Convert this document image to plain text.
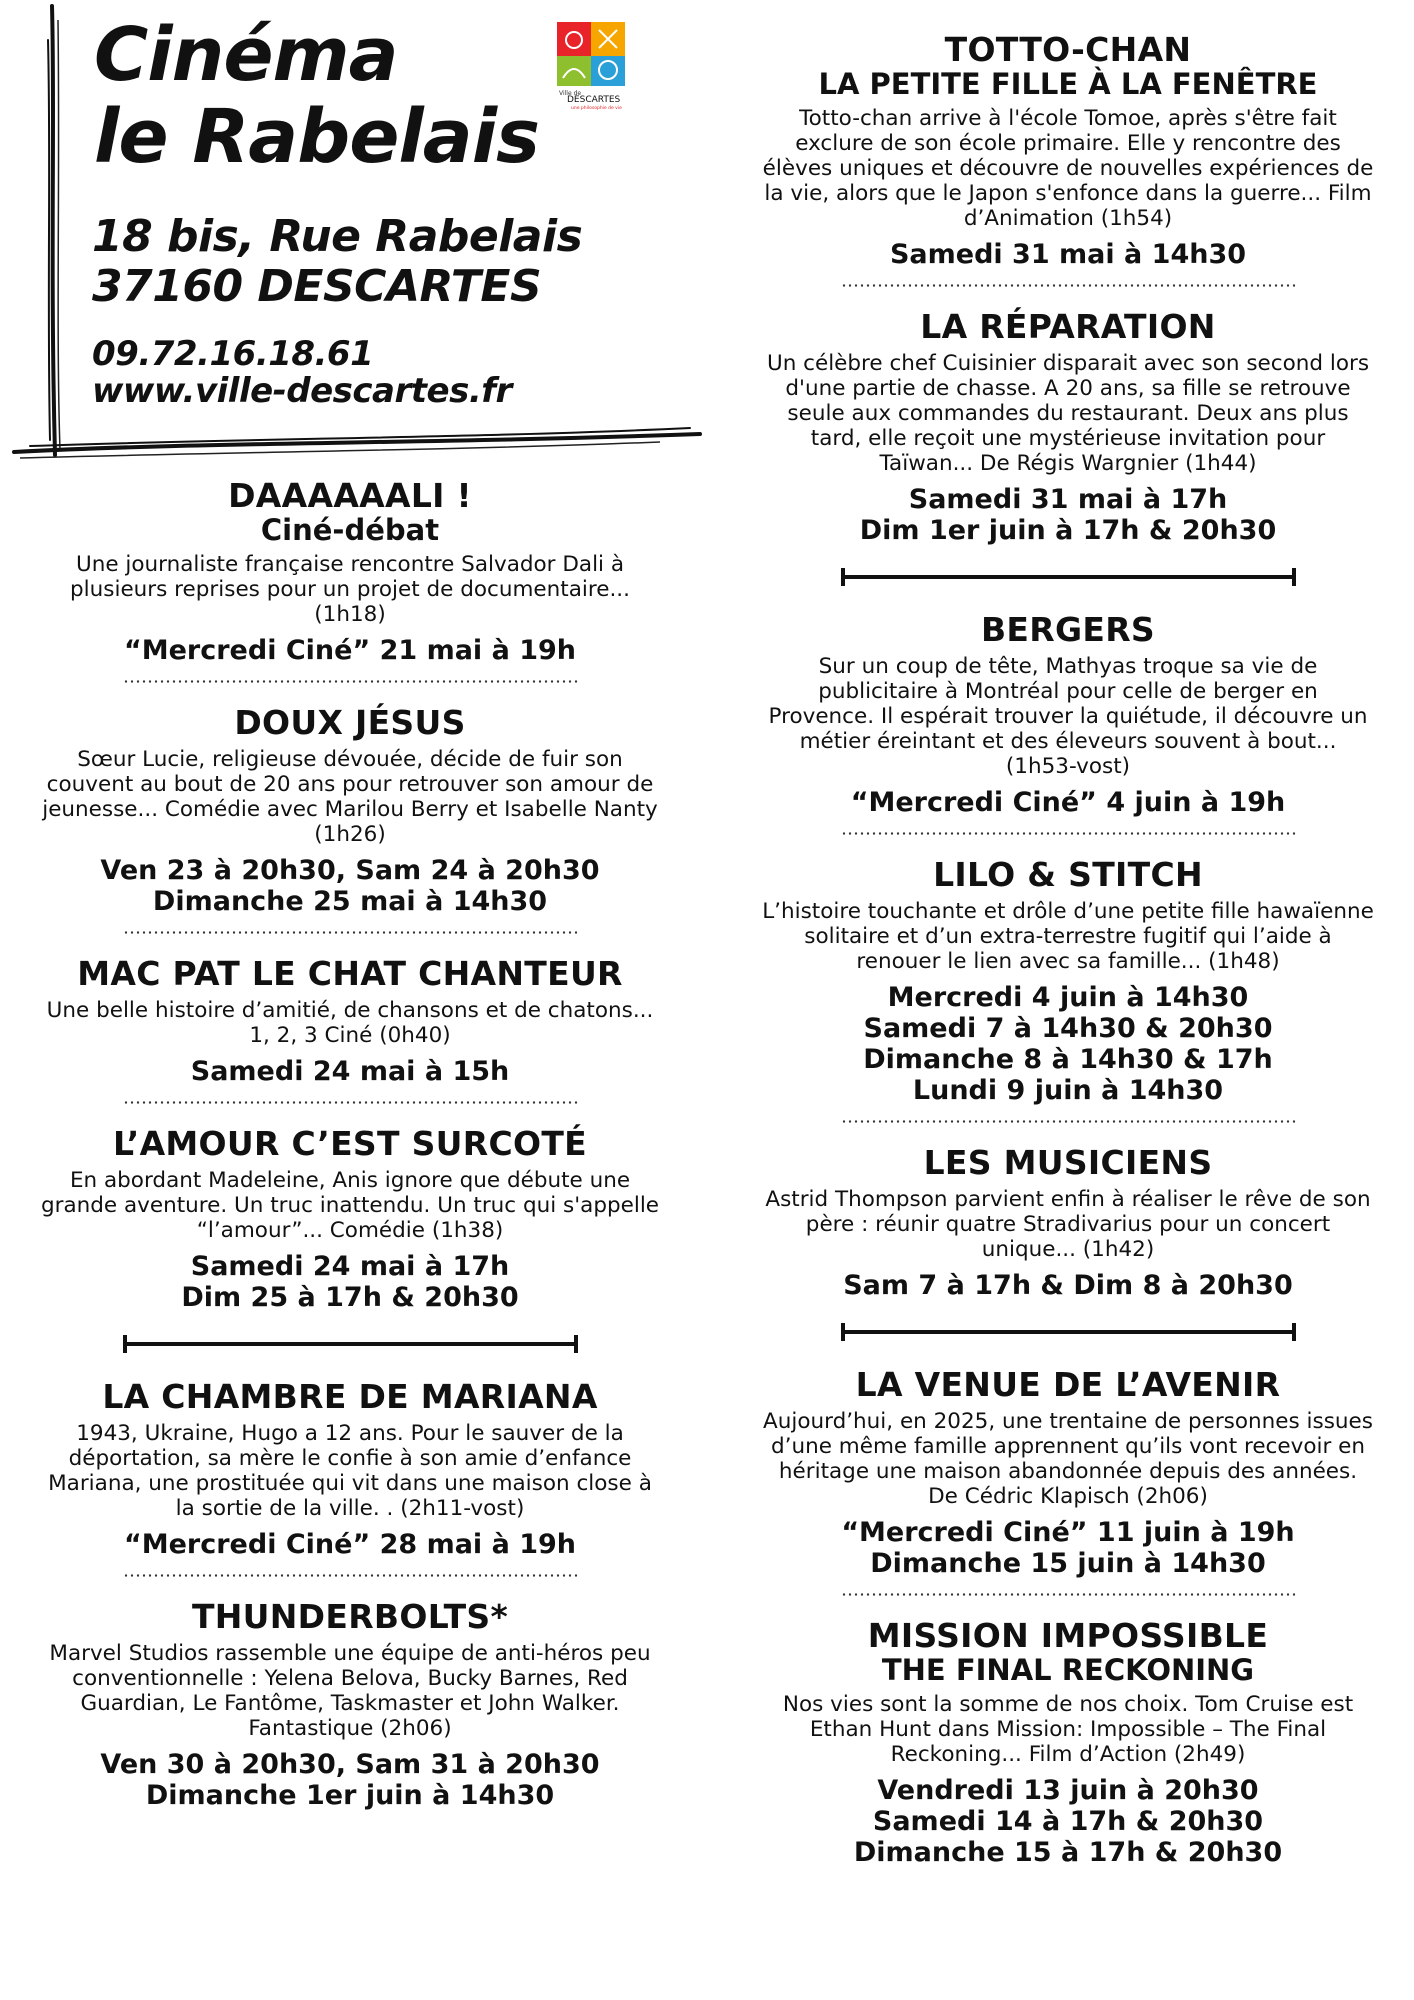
Cinéma
le Rabelais
18 bis, Rue Rabelais
37160 DESCARTES
09.72.16.18.61
www.ville-descartes.fr
Ville de
DESCARTES
une philosophie de vie
DAAAAAALI !
Ciné-débat
Une journaliste française rencontre Salvador Dali à plusieurs reprises pour un projet de documentaire... (1h18)
“Mercredi Ciné” 21 mai à 19h
DOUX JÉSUS
Sœur Lucie, religieuse dévouée, décide de fuir son couvent au bout de 20 ans pour retrouver son amour de jeunesse... Comédie avec Marilou Berry et Isabelle Nanty (1h26)
Ven 23 à 20h30, Sam 24 à 20h30
Dimanche 25 mai à 14h30
MAC PAT LE CHAT CHANTEUR
Une belle histoire d’amitié, de chansons et de chatons... 1, 2, 3 Ciné (0h40)
Samedi 24 mai à 15h
L’AMOUR C’EST SURCOTÉ
En abordant Madeleine, Anis ignore que débute une grande aventure. Un truc inattendu. Un truc qui s'appelle “l’amour”... Comédie (1h38)
Samedi 24 mai à 17h
Dim 25 à 17h & 20h30
LA CHAMBRE DE MARIANA
1943, Ukraine, Hugo a 12 ans. Pour le sauver de la déportation, sa mère le confie à son amie d’enfance Mariana, une prostituée qui vit dans une maison close à la sortie de la ville. . (2h11-vost)
“Mercredi Ciné” 28 mai à 19h
THUNDERBOLTS*
Marvel Studios rassemble une équipe de anti-héros peu conventionnelle : Yelena Belova, Bucky Barnes, Red Guardian, Le Fantôme, Taskmaster et John Walker. Fantastique (2h06)
Ven 30 à 20h30, Sam 31 à 20h30
Dimanche 1er juin à 14h30
TOTTO-CHAN
LA PETITE FILLE À LA FENÊTRE
Totto-chan arrive à l'école Tomoe, après s'être fait exclure de son école primaire. Elle y rencontre des élèves uniques et découvre de nouvelles expériences de la vie, alors que le Japon s'enfonce dans la guerre... Film d’Animation (1h54)
Samedi 31 mai à 14h30
LA RÉPARATION
Un célèbre chef Cuisinier disparait avec son second lors d'une partie de chasse. A 20 ans, sa fille se retrouve seule aux commandes du restaurant. Deux ans plus tard, elle reçoit une mystérieuse invitation pour Taïwan... De Régis Wargnier (1h44)
Samedi 31 mai à 17h
Dim 1er juin à 17h & 20h30
BERGERS
Sur un coup de tête, Mathyas troque sa vie de publicitaire à Montréal pour celle de berger en Provence. Il espérait trouver la quiétude, il découvre un métier éreintant et des éleveurs souvent à bout... (1h53-vost)
“Mercredi Ciné” 4 juin à 19h
LILO & STITCH
L’histoire touchante et drôle d’une petite fille hawaïenne solitaire et d’un extra-terrestre fugitif qui l’aide à renouer le lien avec sa famille... (1h48)
Mercredi 4 juin à 14h30
Samedi 7 à 14h30 & 20h30
Dimanche 8 à 14h30 & 17h
Lundi 9 juin à 14h30
LES MUSICIENS
Astrid Thompson parvient enfin à réaliser le rêve de son père : réunir quatre Stradivarius pour un concert unique... (1h42)
Sam 7 à 17h & Dim 8 à 20h30
LA VENUE DE L’AVENIR
Aujourd’hui, en 2025, une trentaine de personnes issues d’une même famille apprennent qu’ils vont recevoir en héritage une maison abandonnée depuis des années. De Cédric Klapisch (2h06)
“Mercredi Ciné” 11 juin à 19h
Dimanche 15 juin à 14h30
MISSION IMPOSSIBLE
THE FINAL RECKONING
Nos vies sont la somme de nos choix. Tom Cruise est Ethan Hunt dans Mission: Impossible – The Final Reckoning... Film d’Action (2h49)
Vendredi 13 juin à 20h30
Samedi 14 à 17h & 20h30
Dimanche 15 à 17h & 20h30
